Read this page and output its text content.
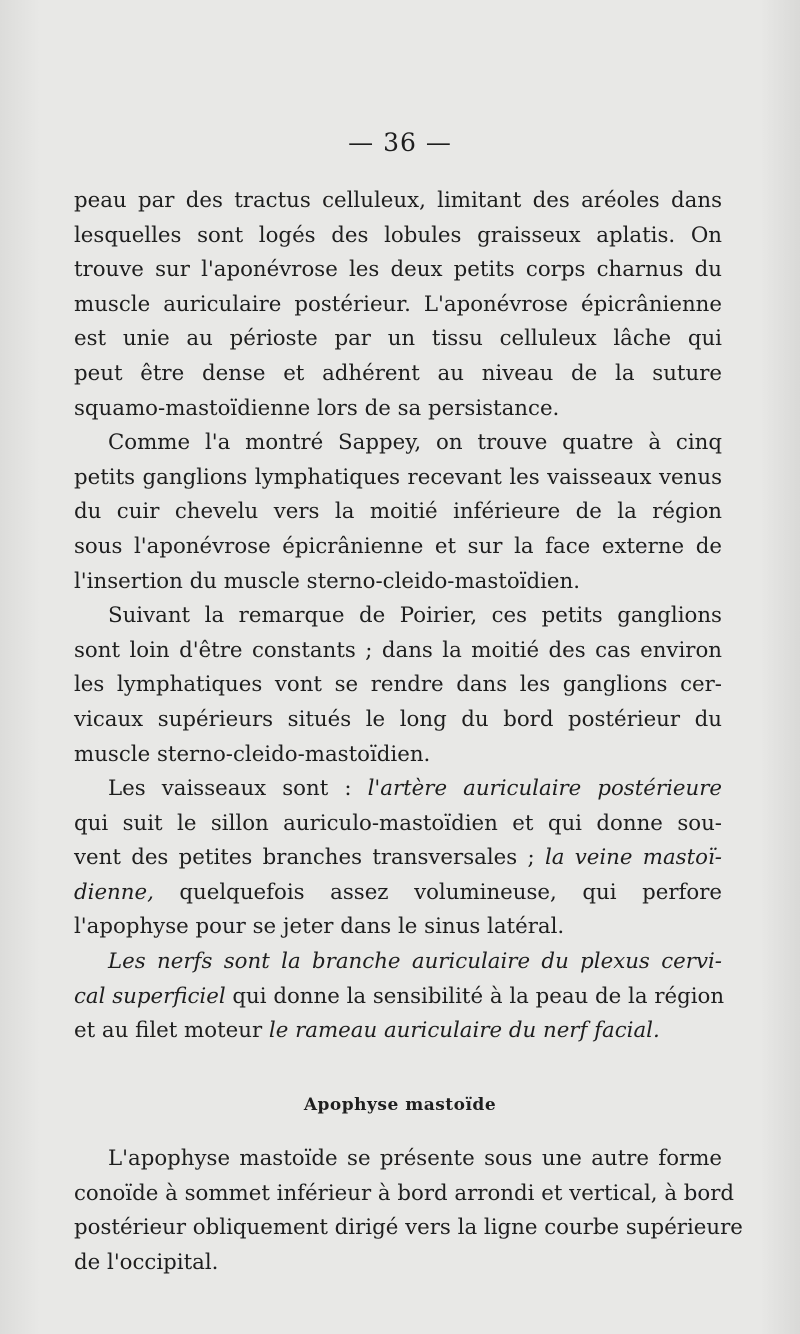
— 36 —
peau par des tractus celluleux, limitant des aréoles dans
lesquelles sont logés des lobules graisseux aplatis. On
trouve sur l'aponévrose les deux petits corps charnus du
muscle auriculaire postérieur. L'aponévrose épicrânienne
est unie au périoste par un tissu celluleux lâche qui
peut être dense et adhérent au niveau de la suture
squamo-mastoïdienne lors de sa persistance.
Comme l'a montré Sappey, on trouve quatre à cinq
petits ganglions lymphatiques recevant les vaisseaux venus
du cuir chevelu vers la moitié inférieure de la région
sous l'aponévrose épicrânienne et sur la face externe de
l'insertion du muscle sterno-cleido-mastoïdien.
Suivant la remarque de Poirier, ces petits ganglions
sont loin d'être constants ; dans la moitié des cas environ
les lymphatiques vont se rendre dans les ganglions cer-
vicaux supérieurs situés le long du bord postérieur du
muscle sterno-cleido-mastoïdien.
Les vaisseaux sont : l'artère auriculaire postérieure
qui suit le sillon auriculo-mastoïdien et qui donne sou-
vent des petites branches transversales ; la veine mastoï-
dienne, quelquefois assez volumineuse, qui perfore
l'apophyse pour se jeter dans le sinus latéral.
Les nerfs sont la branche auriculaire du plexus cervi-
cal superficiel qui donne la sensibilité à la peau de la région
et au filet moteur le rameau auriculaire du nerf facial.
Apophyse mastoïde
L'apophyse mastoïde se présente sous une autre forme
conoïde à sommet inférieur à bord arrondi et vertical, à bord
postérieur obliquement dirigé vers la ligne courbe supérieure
de l'occipital.
